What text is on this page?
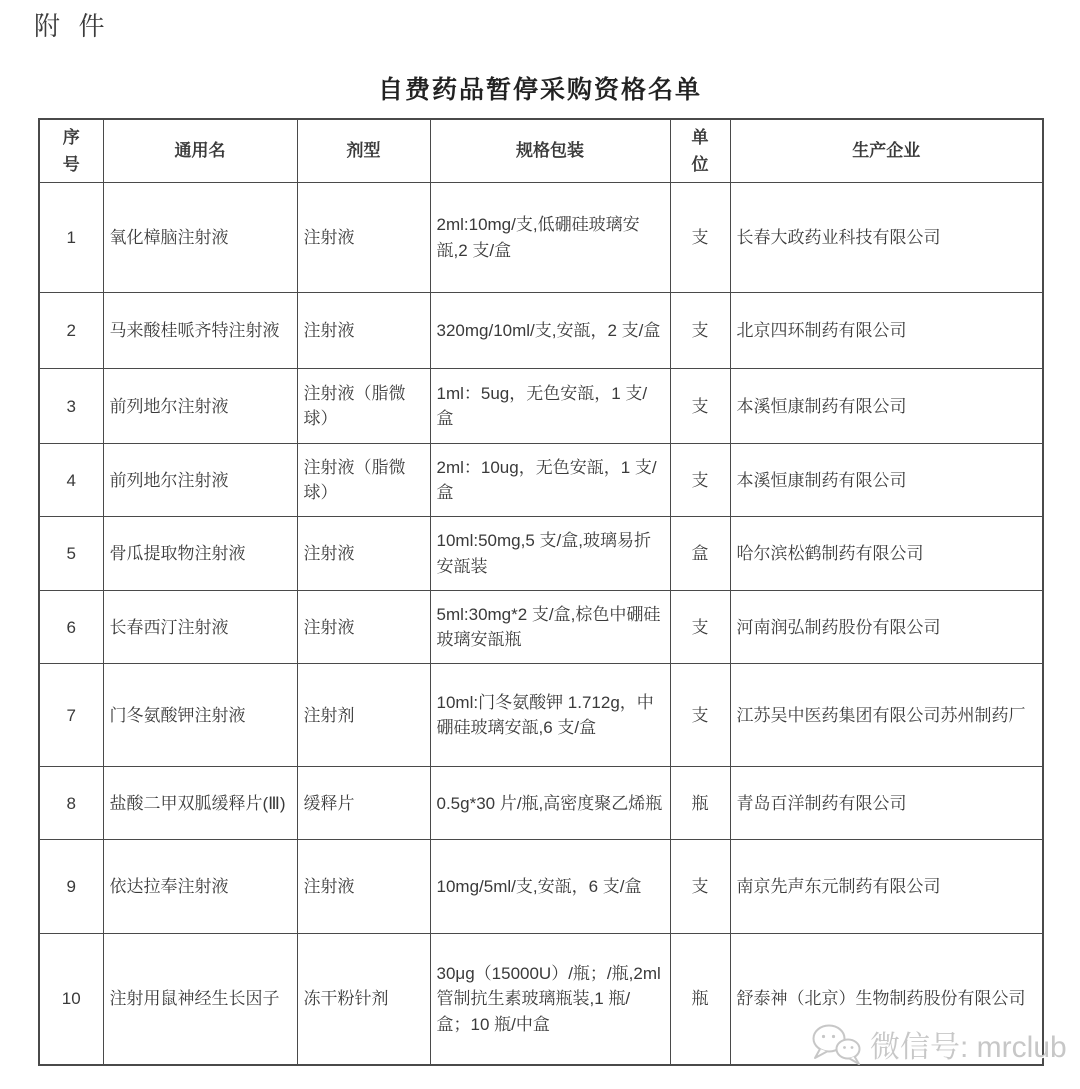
附 件
自费药品暂停采购资格名单
序号	通用名	剂型	规格包装	单位	生产企业
1	氧化樟脑注射液	注射液	2ml:10mg/支,低硼硅玻璃安瓿,2 支/盒	支	长春大政药业科技有限公司
2	马来酸桂哌齐特注射液	注射液	320mg/10ml/支,安瓿，2 支/盒	支	北京四环制药有限公司
3	前列地尔注射液	注射液（脂微球）	1ml：5ug，无色安瓿，1 支/盒	支	本溪恒康制药有限公司
4	前列地尔注射液	注射液（脂微球）	2ml：10ug，无色安瓿，1 支/盒	支	本溪恒康制药有限公司
5	骨瓜提取物注射液	注射液	10ml:50mg,5 支/盒,玻璃易折安瓿装	盒	哈尔滨松鹤制药有限公司
6	长春西汀注射液	注射液	5ml:30mg*2 支/盒,棕色中硼硅玻璃安瓿瓶	支	河南润弘制药股份有限公司
7	门冬氨酸钾注射液	注射剂	10ml:门冬氨酸钾 1.712g，中硼硅玻璃安瓿,6 支/盒	支	江苏吴中医药集团有限公司苏州制药厂
8	盐酸二甲双胍缓释片(Ⅲ)	缓释片	0.5g*30 片/瓶,高密度聚乙烯瓶	瓶	青岛百洋制药有限公司
9	依达拉奉注射液	注射液	10mg/5ml/支,安瓿，6 支/盒	支	南京先声东元制药有限公司
10	注射用鼠神经生长因子	冻干粉针剂	30μg（15000U）/瓶；/瓶,2ml 管制抗生素玻璃瓶装,1 瓶/盒；10 瓶/中盒	瓶	舒泰神（北京）生物制药股份有限公司
微信号: mrclub
